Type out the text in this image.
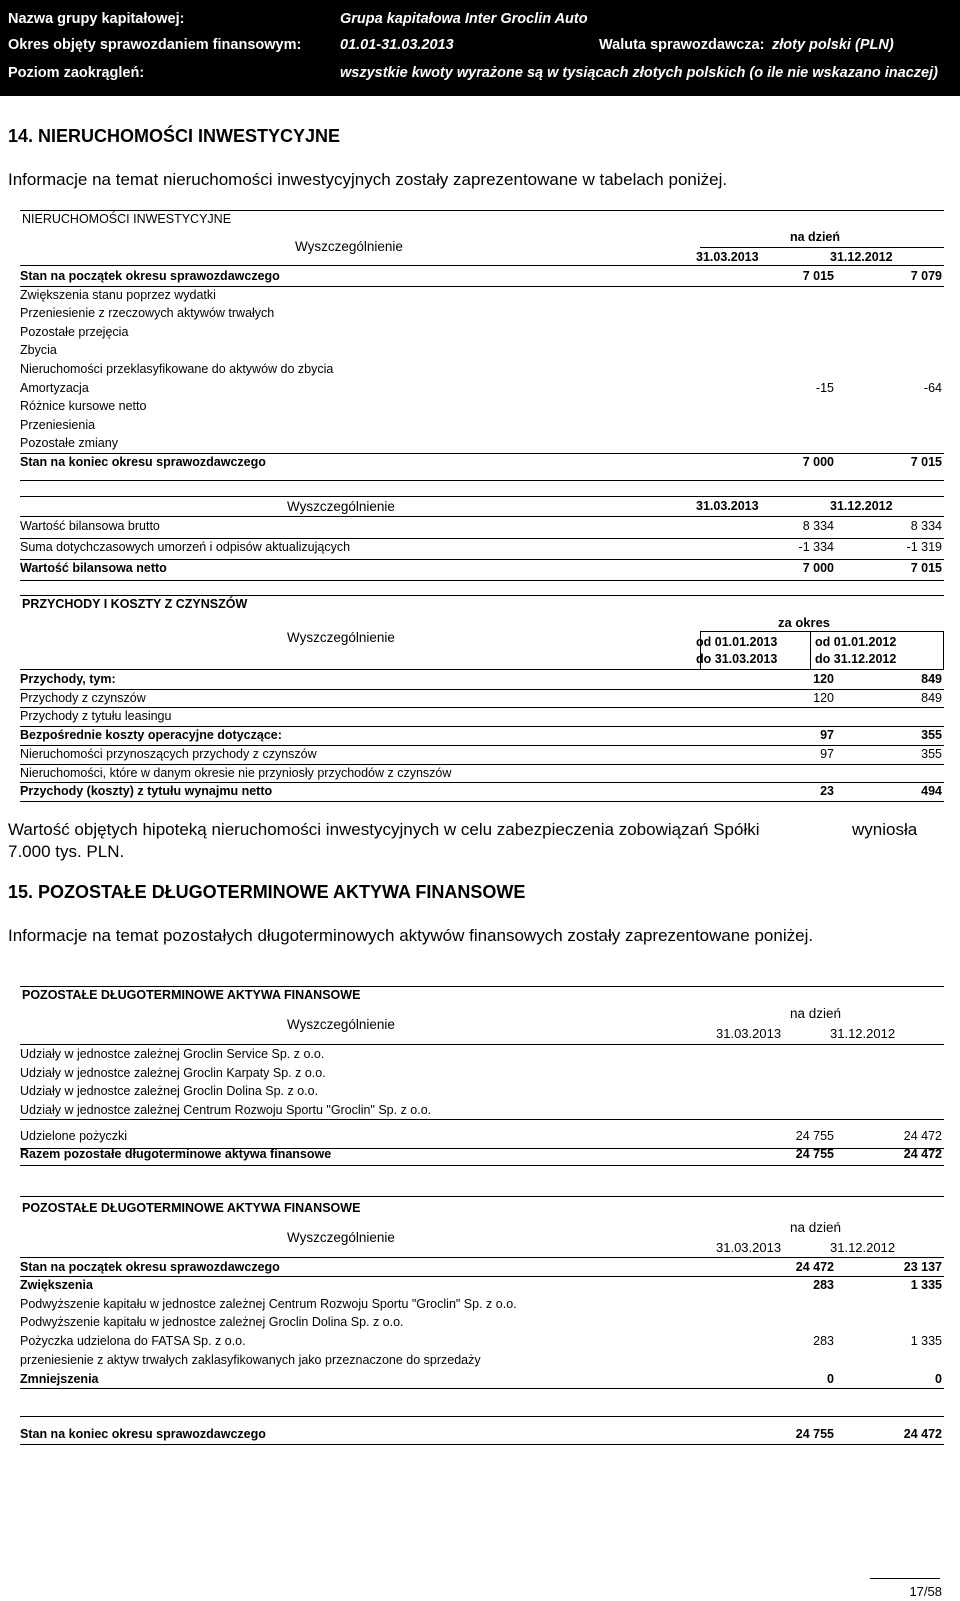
Nazwa grupy kapitałowej:	Grupa kapitałowa Inter Groclin Auto
Okres objęty sprawozdaniem finansowym:	01.01-31.03.2013	Waluta sprawozdawcza: złoty polski (PLN)
Poziom zaokrągleń:	wszystkie kwoty wyrażone są w tysiącach złotych polskich (o ile nie wskazano inaczej)
14. NIERUCHOMOŚCI INWESTYCYJNE
Informacje na temat nieruchomości inwestycyjnych zostały zaprezentowane w tabelach poniżej.
NIERUCHOMOŚCI INWESTYCYJNE
Wyszczególnienie
na dzień
31.03.2013	31.12.2012
Stan na początek okresu sprawozdawczego	7 015	7 079
Zwiększenia stanu poprzez wydatki
Przeniesienie z rzeczowych aktywów trwałych
Pozostałe przejęcia
Zbycia
Nieruchomości przeklasyfikowane do aktywów do zbycia
Amortyzacja	-15	-64
Różnice kursowe netto
Przeniesienia
Pozostałe zmiany
Stan na koniec okresu sprawozdawczego	7 000	7 015
Wyszczególnienie	31.03.2013	31.12.2012
Wartość bilansowa brutto	8 334	8 334
Suma dotychczasowych umorzeń i odpisów aktualizujących	-1 334	-1 319
Wartość bilansowa netto	7 000	7 015
PRZYCHODY I KOSZTY Z CZYNSZÓW
Wyszczególnienie
za okres
od 01.01.2013
do 31.03.2013
od 01.01.2012
do 31.12.2012
Przychody, tym:	120	849
Przychody z czynszów	120	849
Przychody z tytułu leasingu
Bezpośrednie koszty operacyjne dotyczące:	97	355
Nieruchomości przynoszących przychody z czynszów	97	355
Nieruchomości, które w danym okresie nie przyniosły przychodów z czynszów
Przychody (koszty) z tytułu wynajmu netto	23	494
Wartość objętych hipoteką nieruchomości inwestycyjnych w celu zabezpieczenia zobowiązań Spółki	wyniosła
7.000 tys. PLN.
15. POZOSTAŁE DŁUGOTERMINOWE AKTYWA FINANSOWE
Informacje na temat pozostałych długoterminowych aktywów finansowych zostały zaprezentowane poniżej.
POZOSTAŁE DŁUGOTERMINOWE AKTYWA FINANSOWE
Wyszczególnienie
na dzień
31.03.2013	31.12.2012
Udziały w jednostce zależnej Groclin Service Sp. z o.o.
Udziały w jednostce zależnej Groclin Karpaty Sp. z o.o.
Udziały w jednostce zależnej Groclin Dolina Sp. z o.o.
Udziały w jednostce zależnej Centrum Rozwoju Sportu "Groclin" Sp. z o.o.
Udzielone pożyczki	24 755	24 472
Razem pozostałe długoterminowe aktywa finansowe	24 755	24 472
POZOSTAŁE DŁUGOTERMINOWE AKTYWA FINANSOWE
Wyszczególnienie
na dzień
31.03.2013	31.12.2012
Stan na początek okresu sprawozdawczego	24 472	23 137
Zwiększenia	283	1 335
Podwyższenie kapitału w jednostce zależnej Centrum Rozwoju Sportu "Groclin" Sp. z o.o.
Podwyższenie kapitału w jednostce zależnej Groclin Dolina Sp. z o.o.
Pożyczka udzielona do FATSA Sp. z o.o.	283	1 335
przeniesienie z aktyw trwałych zaklasyfikowanych jako przeznaczone do sprzedaży
Zmniejszenia	0	0
Stan na koniec okresu sprawozdawczego	24 755	24 472
17/58
